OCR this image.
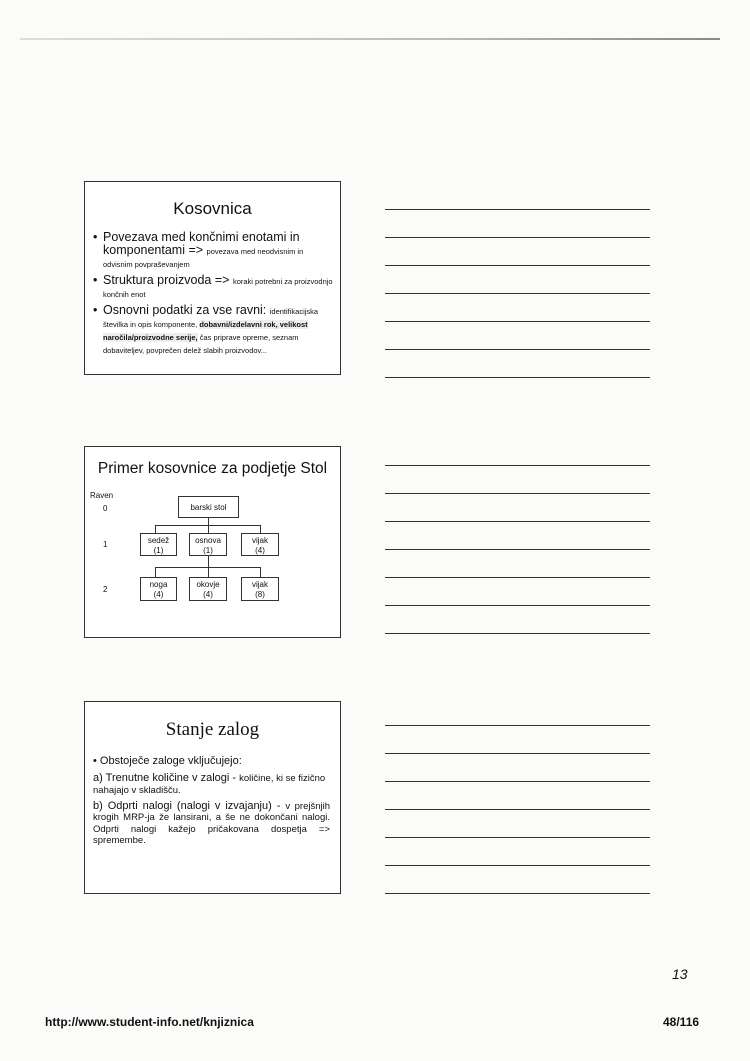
Kosovnica
• Povezava med končnimi enotami in komponentami => povezava med neodvisnim in odvisnim povpraševanjem
• Struktura proizvoda => koraki potrebni za proizvodnjo končnih enot
• Osnovni podatki za vse ravni: identifikacijska številka in opis komponente, dobavni/izdelavni rok, velikost naročila/proizvodne serije, čas priprave opreme, seznam dobaviteljev, povprečen delež slabih proizvodov...
Primer kosovnice za podjetje Stol
Raven
0
1
2
barski stol
sedež
(1)
osnova
(1)
vijak
(4)
noga
(4)
okovje
(4)
vijak
(8)
Stanje zalog

• Obstoječe zaloge vključujejo:

a) Trenutne količine v zalogi - količine, ki se fizično nahajajo v skladišču.

b) Odprti nalogi (nalogi v izvajanju) - v prejšnjih krogih MRP-ja že lansirani, a še ne dokončani nalogi. Odprti nalogi kažejo pričakovana dospetja => spremembe.

13
http://www.student-info.net/knjiznica	48/116
